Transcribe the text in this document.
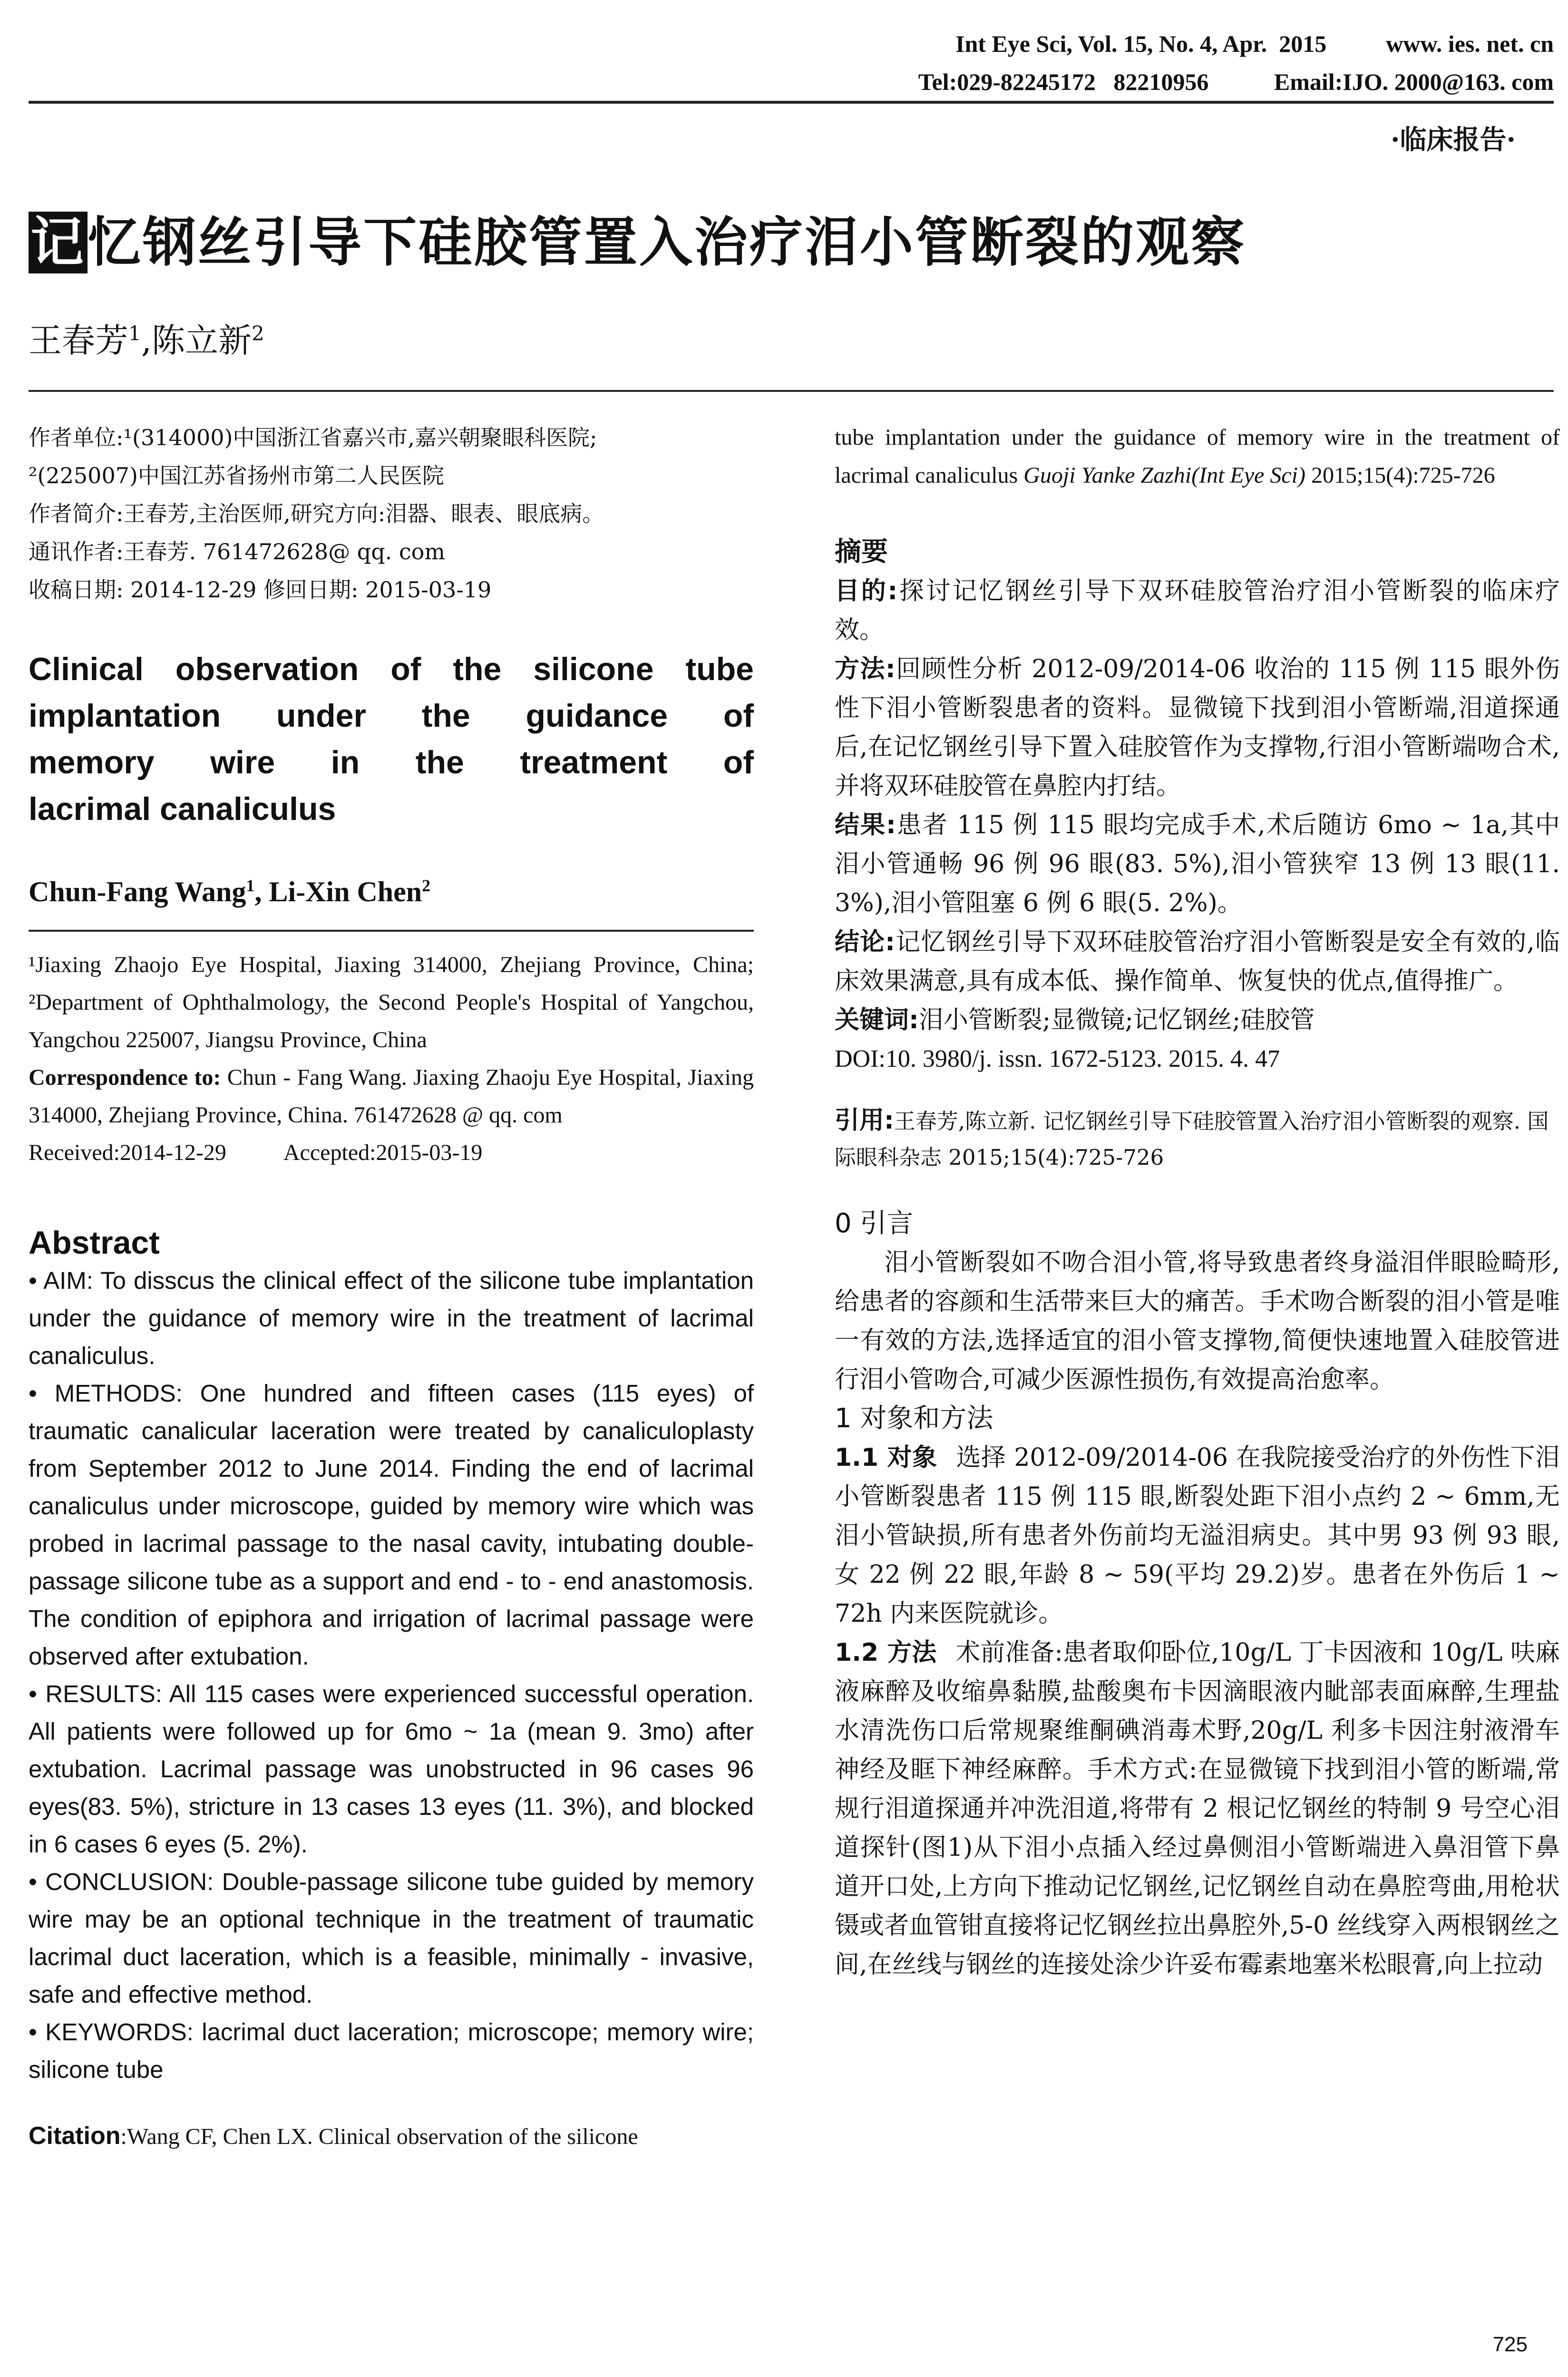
Int Eye Sci, Vol. 15, No. 4, Apr.  2015          www. ies. net. cn
Tel:029-82245172   82210956           Email:IJO. 2000@163. com
·临床报告·
记忆钢丝引导下硅胶管置入治疗泪小管断裂的观察
王春芳$^1$,陈立新$^2$

作者单位:¹(314000)中国浙江省嘉兴市,嘉兴朝聚眼科医院;

²(225007)中国江苏省扬州市第二人民医院

作者简介:王春芳,主治医师,研究方向:泪器、眼表、眼底病。

通讯作者:王春芳. 761472628@ qq. com

收稿日期: 2014-12-29 修回日期: 2015-03-19

Clinical observation of the silicone tube
implantation under the guidance of
memory wire in the treatment of
lacrimal canaliculus
Chun-Fang Wang$^1$, Li-Xin Chen$^2$

¹Jiaxing Zhaojo Eye Hospital, Jiaxing 314000, Zhejiang Province, China; ²Department of Ophthalmology, the Second People's Hospital of Yangchou, Yangchou 225007, Jiangsu Province, China

Correspondence to: Chun - Fang Wang. Jiaxing Zhaoju Eye Hospital, Jiaxing 314000, Zhejiang Province, China. 761472628 @ qq. com

Received:2014-12-29	Accepted:2015-03-19

Abstract

• AIM: To disscus the clinical effect of the silicone tube implantation under the guidance of memory wire in the treatment of lacrimal canaliculus.

• METHODS: One hundred and fifteen cases (115 eyes) of traumatic canalicular laceration were treated by canaliculoplasty from September 2012 to June 2014. Finding the end of lacrimal canaliculus under microscope, guided by memory wire which was probed in lacrimal passage to the nasal cavity, intubating double-passage silicone tube as a support and end - to - end anastomosis. The condition of epiphora and irrigation of lacrimal passage were observed after extubation.

• RESULTS: All 115 cases were experienced successful operation. All patients were followed up for 6mo ~ 1a (mean 9. 3mo) after extubation. Lacrimal passage was unobstructed in 96 cases 96 eyes(83. 5%), stricture in 13 cases 13 eyes (11. 3%), and blocked in 6 cases 6 eyes (5. 2%).

• CONCLUSION: Double-passage silicone tube guided by memory wire may be an optional technique in the treatment of traumatic lacrimal duct laceration, which is a feasible, minimally - invasive, safe and effective method.

• KEYWORDS: lacrimal duct laceration; microscope; memory wire; silicone tube

Citation:Wang CF, Chen LX. Clinical observation of the silicone

tube implantation under the guidance of memory wire in the treatment of lacrimal canaliculus Guoji Yanke Zazhi(Int Eye Sci) 2015;15(4):725-726

摘要

目的:探讨记忆钢丝引导下双环硅胶管治疗泪小管断裂的临床疗效。

方法:回顾性分析 2012-09/2014-06 收治的 115 例 115 眼外伤性下泪小管断裂患者的资料。显微镜下找到泪小管断端,泪道探通后,在记忆钢丝引导下置入硅胶管作为支撑物,行泪小管断端吻合术,并将双环硅胶管在鼻腔内打结。

结果:患者 115 例 115 眼均完成手术,术后随访 6mo ~ 1a,其中泪小管通畅 96 例 96 眼(83. 5%),泪小管狭窄 13 例 13 眼(11. 3%),泪小管阻塞 6 例 6 眼(5. 2%)。

结论:记忆钢丝引导下双环硅胶管治疗泪小管断裂是安全有效的,临床效果满意,具有成本低、操作简单、恢复快的优点,值得推广。

关键词:泪小管断裂;显微镜;记忆钢丝;硅胶管

DOI:10. 3980/j. issn. 1672-5123. 2015. 4. 47

引用:王春芳,陈立新. 记忆钢丝引导下硅胶管置入治疗泪小管断裂的观察. 国际眼科杂志 2015;15(4):725-726
0 引言

泪小管断裂如不吻合泪小管,将导致患者终身溢泪伴眼睑畸形,给患者的容颜和生活带来巨大的痛苦。手术吻合断裂的泪小管是唯一有效的方法,选择适宜的泪小管支撑物,简便快速地置入硅胶管进行泪小管吻合,可减少医源性损伤,有效提高治愈率。

1 对象和方法

1.1 对象 选择 2012-09/2014-06 在我院接受治疗的外伤性下泪小管断裂患者 115 例 115 眼,断裂处距下泪小点约 2 ~ 6mm,无泪小管缺损,所有患者外伤前均无溢泪病史。其中男 93 例 93 眼,女 22 例 22 眼,年龄 8 ~ 59(平均 29.2)岁。患者在外伤后 1 ~ 72h 内来医院就诊。

1.2 方法 术前准备:患者取仰卧位,10g/L 丁卡因液和 10g/L 呋麻液麻醉及收缩鼻黏膜,盐酸奥布卡因滴眼液内眦部表面麻醉,生理盐水清洗伤口后常规聚维酮碘消毒术野,20g/L 利多卡因注射液滑车神经及眶下神经麻醉。手术方式:在显微镜下找到泪小管的断端,常规行泪道探通并冲洗泪道,将带有 2 根记忆钢丝的特制 9 号空心泪道探针(图1)从下泪小点插入经过鼻侧泪小管断端进入鼻泪管下鼻道开口处,上方向下推动记忆钢丝,记忆钢丝自动在鼻腔弯曲,用枪状镊或者血管钳直接将记忆钢丝拉出鼻腔外,5-0 丝线穿入两根钢丝之间,在丝线与钢丝的连接处涂少许妥布霉素地塞米松眼膏,向上拉动

725
